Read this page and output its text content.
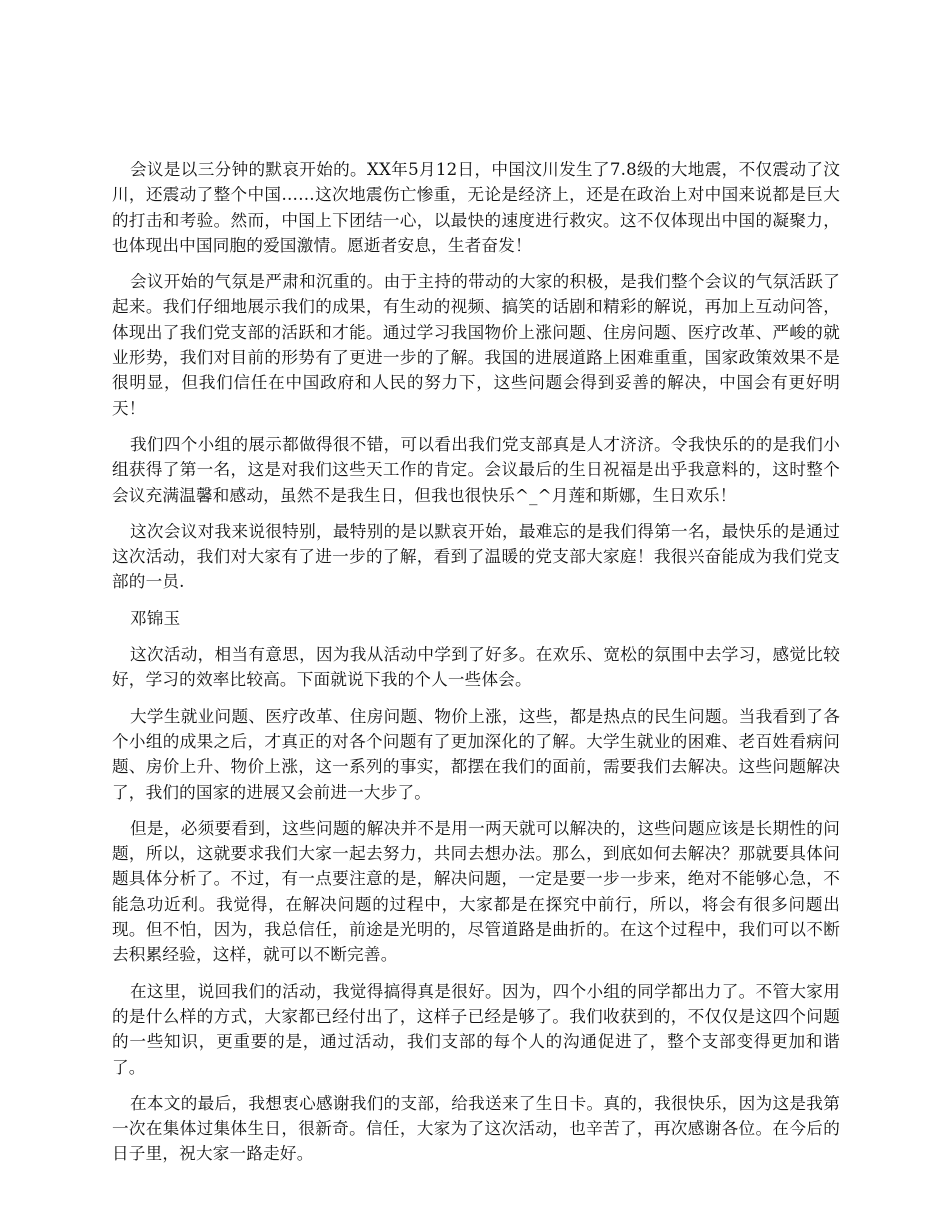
会议是以三分钟的默哀开始的。XX年5月12日，中国汶川发生了7.8级的大地震，不仅震动了汶川，还震动了整个中国……这次地震伤亡惨重，无论是经济上，还是在政治上对中国来说都是巨大的打击和考验。然而，中国上下团结一心，以最快的速度进行救灾。这不仅体现出中国的凝聚力，也体现出中国同胞的爱国激情。愿逝者安息，生者奋发！

会议开始的气氛是严肃和沉重的。由于主持的带动的大家的积极，是我们整个会议的气氛活跃了起来。我们仔细地展示我们的成果，有生动的视频、搞笑的话剧和精彩的解说，再加上互动问答，体现出了我们党支部的活跃和才能。通过学习我国物价上涨问题、住房问题、医疗改革、严峻的就业形势，我们对目前的形势有了更进一步的了解。我国的进展道路上困难重重，国家政策效果不是很明显，但我们信任在中国政府和人民的努力下，这些问题会得到妥善的解决，中国会有更好明天！

我们四个小组的展示都做得很不错，可以看出我们党支部真是人才济济。令我快乐的的是我们小组获得了第一名，这是对我们这些天工作的肯定。会议最后的生日祝福是出乎我意料的，这时整个会议充满温馨和感动，虽然不是我生日，但我也很快乐^_^月莲和斯娜，生日欢乐！

这次会议对我来说很特别，最特别的是以默哀开始，最难忘的是我们得第一名，最快乐的是通过这次活动，我们对大家有了进一步的了解，看到了温暖的党支部大家庭！我很兴奋能成为我们党支部的一员.

邓锦玉

这次活动，相当有意思，因为我从活动中学到了好多。在欢乐、宽松的氛围中去学习，感觉比较好，学习的效率比较高。下面就说下我的个人一些体会。

大学生就业问题、医疗改革、住房问题、物价上涨，这些，都是热点的民生问题。当我看到了各个小组的成果之后，才真正的对各个问题有了更加深化的了解。大学生就业的困难、老百姓看病问题、房价上升、物价上涨，这一系列的事实，都摆在我们的面前，需要我们去解决。这些问题解决了，我们的国家的进展又会前进一大步了。

但是，必须要看到，这些问题的解决并不是用一两天就可以解决的，这些问题应该是长期性的问题，所以，这就要求我们大家一起去努力，共同去想办法。那么，到底如何去解决？那就要具体问题具体分析了。不过，有一点要注意的是，解决问题，一定是要一步一步来，绝对不能够心急，不能急功近利。我觉得，在解决问题的过程中，大家都是在探究中前行，所以，将会有很多问题出现。但不怕，因为，我总信任，前途是光明的，尽管道路是曲折的。在这个过程中，我们可以不断去积累经验，这样，就可以不断完善。

在这里，说回我们的活动，我觉得搞得真是很好。因为，四个小组的同学都出力了。不管大家用的是什么样的方式，大家都已经付出了，这样子已经是够了。我们收获到的，不仅仅是这四个问题的一些知识，更重要的是，通过活动，我们支部的每个人的沟通促进了，整个支部变得更加和谐了。

在本文的最后，我想衷心感谢我们的支部，给我送来了生日卡。真的，我很快乐，因为这是我第一次在集体过集体生日，很新奇。信任，大家为了这次活动，也辛苦了，再次感谢各位。在今后的日子里，祝大家一路走好。
